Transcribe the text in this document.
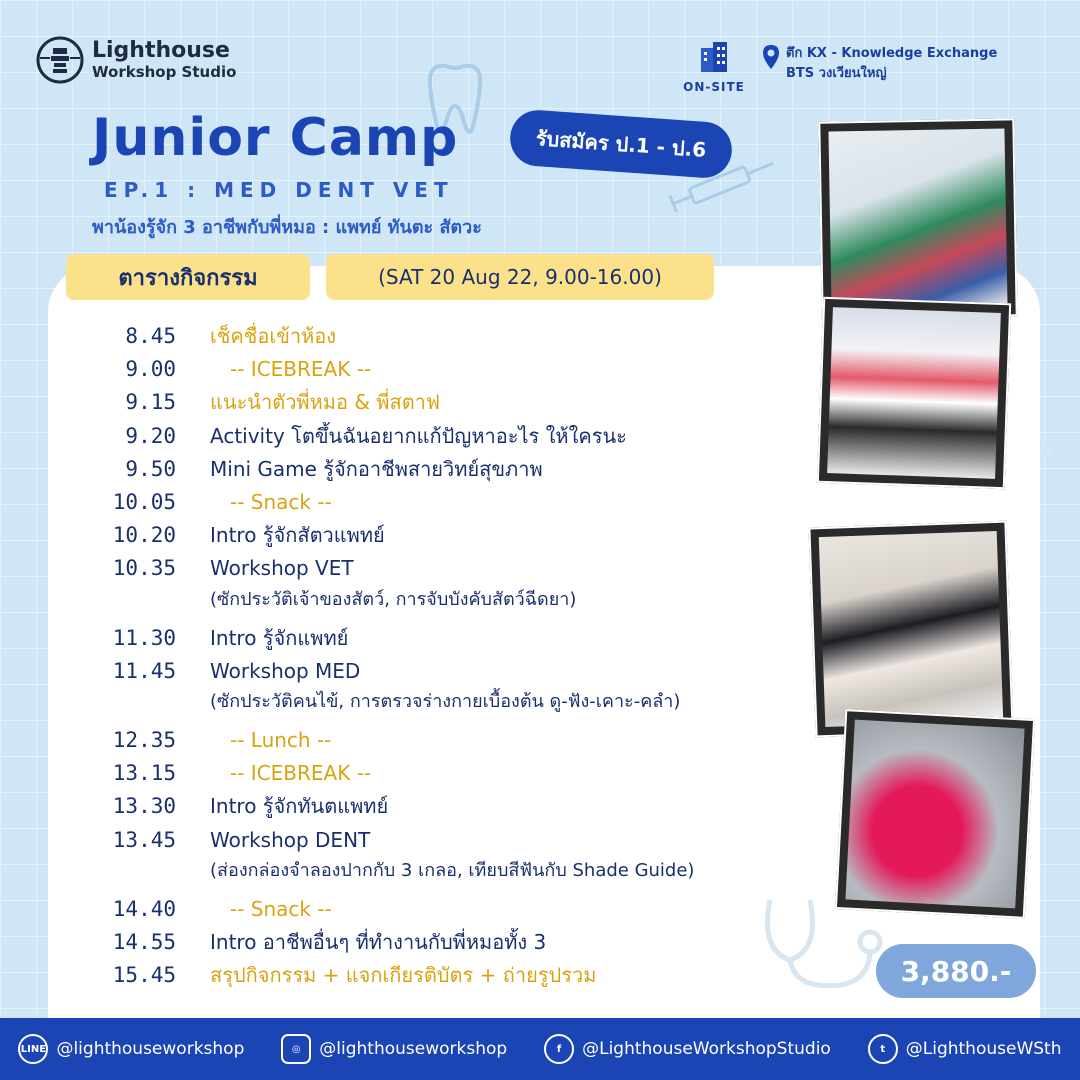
Lighthouse
Workshop Studio
ON-SITE
ตึก KX - Knowledge Exchange
BTS วงเวียนใหญ่
Junior Camp	รับสมัคร ป.1 - ป.6
EP.1 : MED DENT VET
พาน้องรู้จัก 3 อาชีพกับพี่หมอ : แพทย์ ทันตะ สัตวะ
ตารางกิจกรรม	(SAT 20 Aug 22, 9.00-16.00)
8.45 เช็คชื่อเข้าห้อง
9.00	-- ICEBREAK --
9.15 แนะนำตัวพี่หมอ & พี่สตาฟ
9.20 Activity โตขึ้นฉันอยากแก้ปัญหาอะไร ให้ใครนะ
9.50 Mini Game รู้จักอาชีพสายวิทย์สุขภาพ
10.05	-- Snack --
10.20 Intro รู้จักสัตวแพทย์
10.35 Workshop VET
(ซักประวัติเจ้าของสัตว์, การจับบังคับสัตว์ฉีดยา)
11.30 Intro รู้จักแพทย์
11.45 Workshop MED
(ซักประวัติคนไข้, การตรวจร่างกายเบื้องต้น ดู-ฟัง-เคาะ-คลำ)
12.35	-- Lunch --
13.15	-- ICEBREAK --
13.30 Intro รู้จักทันตแพทย์
13.45 Workshop DENT
(ส่องกล่องจำลองปากกับ 3 เกลอ, เทียบสีฟันกับ Shade Guide)
14.40	-- Snack --
14.55 Intro อาชีพอื่นๆ ที่ทำงานกับพี่หมอทั้ง 3
15.45 สรุปกิจกรรม + แจกเกียรติบัตร + ถ่ายรูปรวม	3,880.-
LINE @lighthouseworkshop	◎	@lighthouseworkshop	f	@LighthouseWorkshopStudio	t	@LighthouseWSth
